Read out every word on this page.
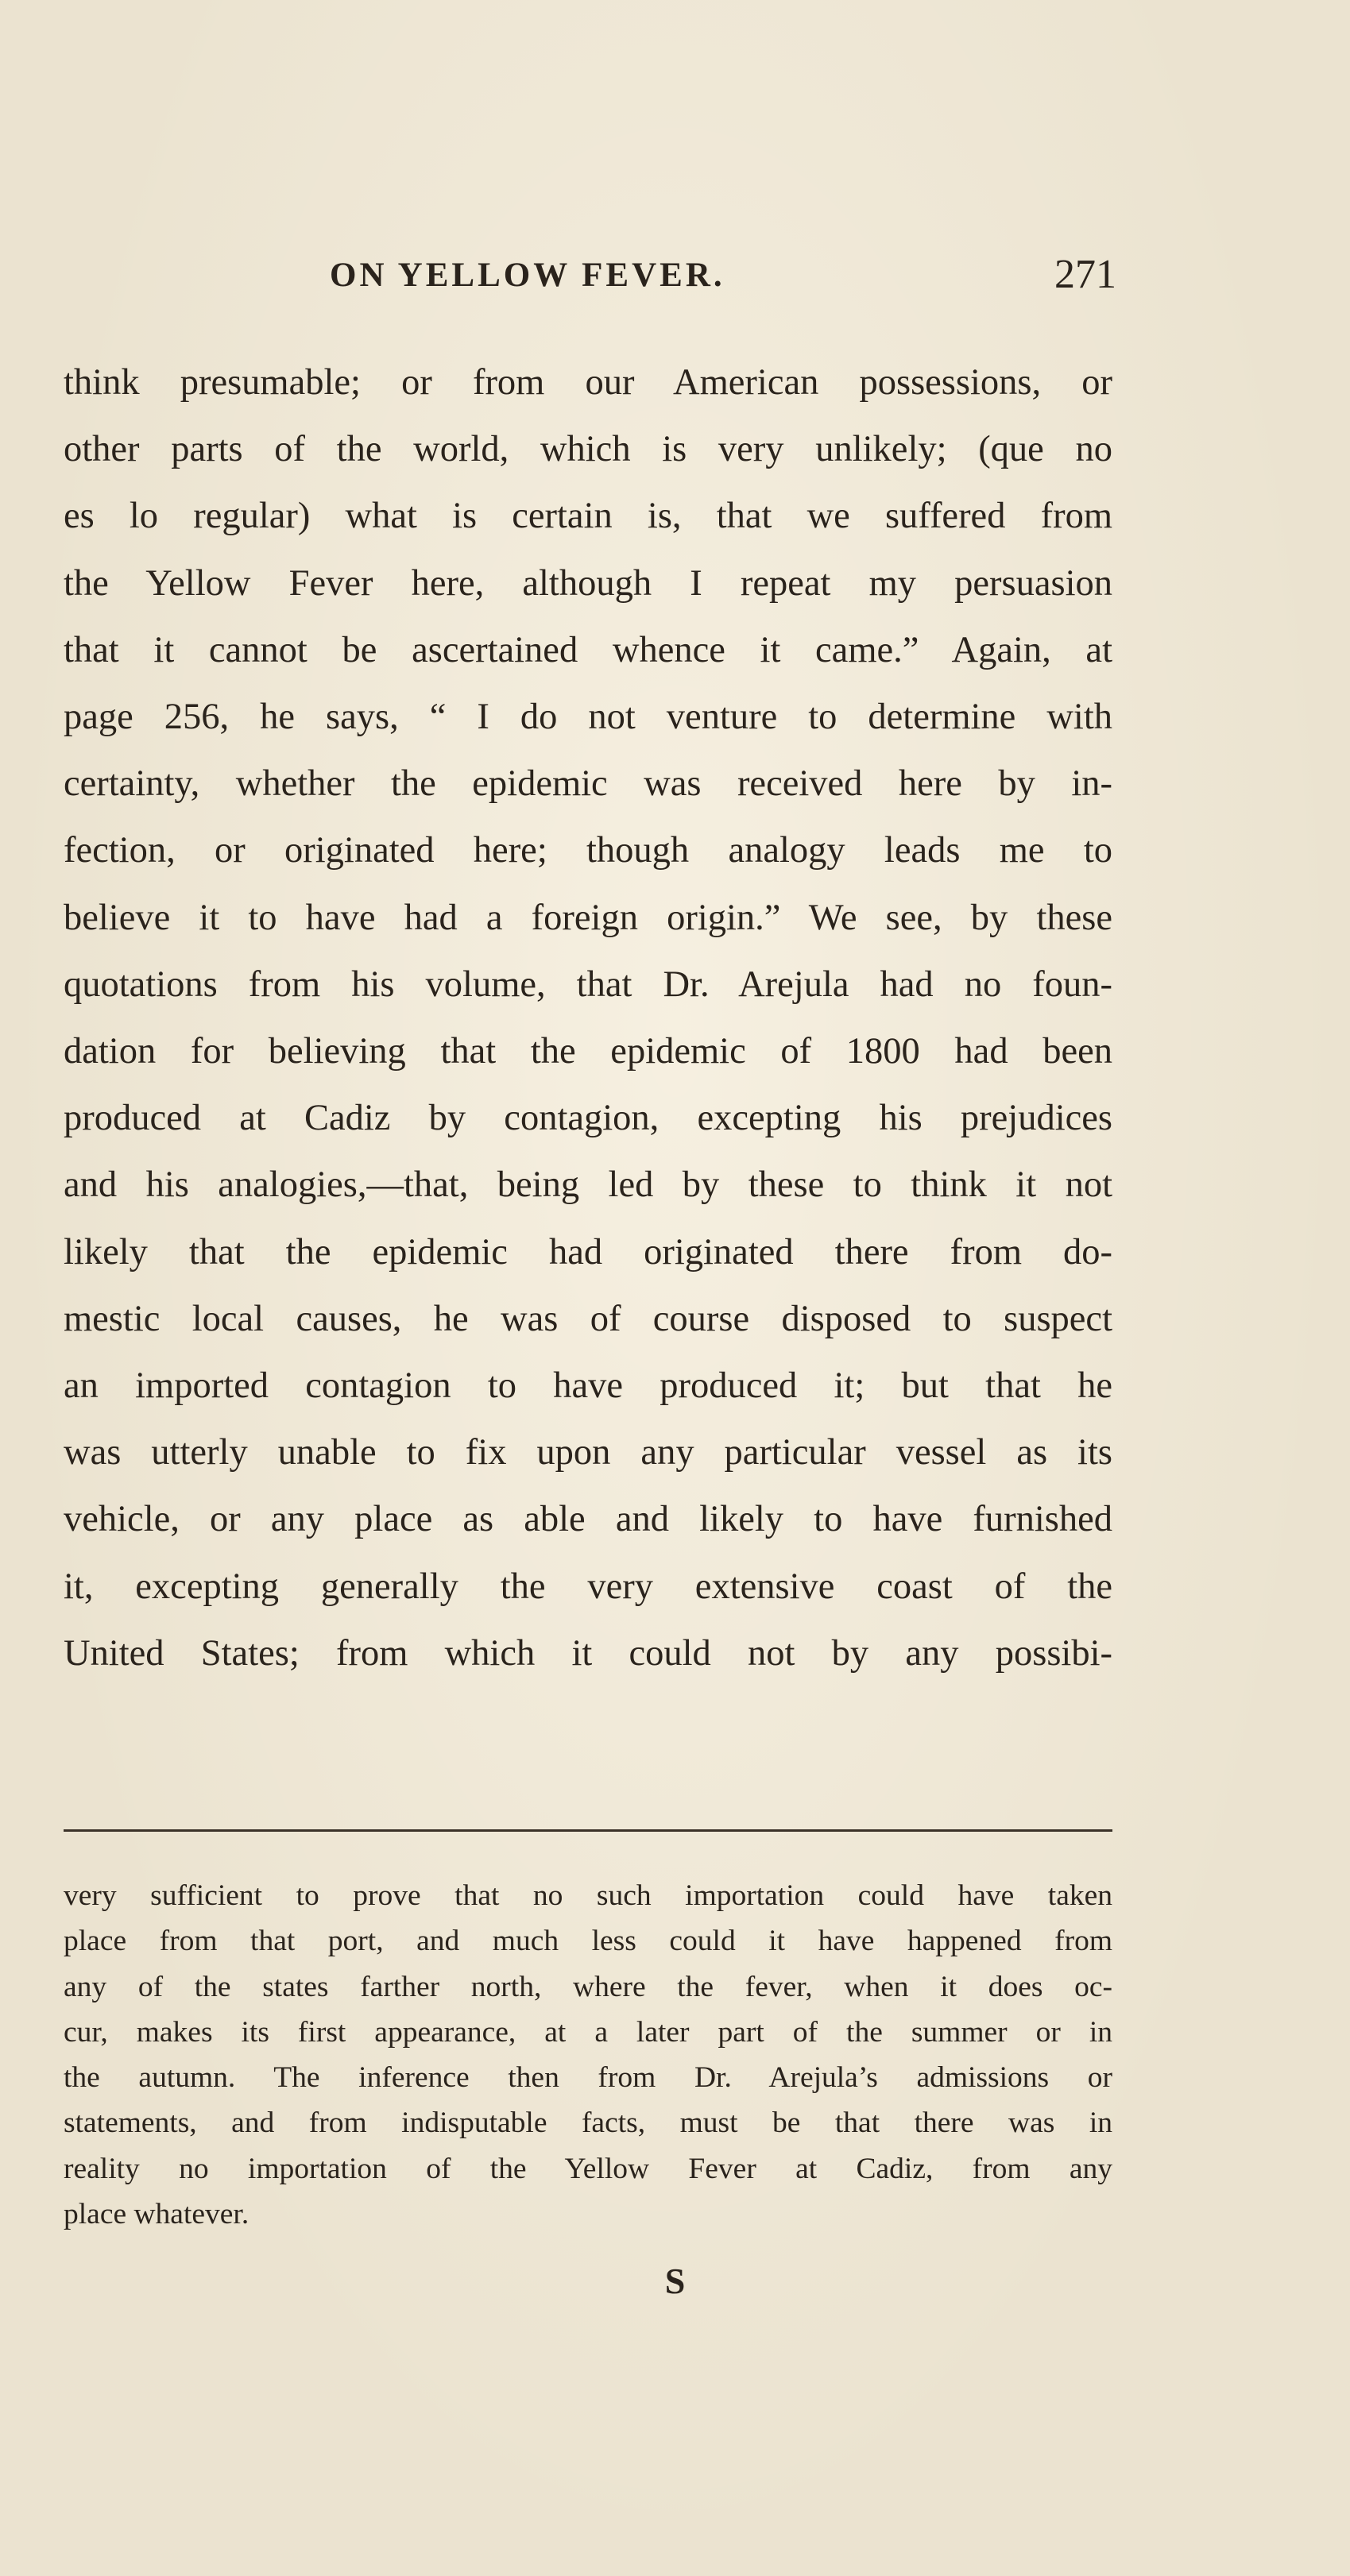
ON YELLOW FEVER.	271
think presumable; or from our American possessions, or
other parts of the world, which is very unlikely; (que no
es lo regular) what is certain is, that we suffered from
the Yellow Fever here, although I repeat my persuasion
that it cannot be ascertained whence it came.” Again, at
page 256, he says, “ I do not venture to determine with
certainty, whether the epidemic was received here by in-
fection, or originated here; though analogy leads me to
believe it to have had a foreign origin.” We see, by these
quotations from his volume, that Dr. Arejula had no foun-
dation for believing that the epidemic of 1800 had been
produced at Cadiz by contagion, excepting his prejudices
and his analogies,—that, being led by these to think it not
likely that the epidemic had originated there from do-
mestic local causes, he was of course disposed to suspect
an imported contagion to have produced it; but that he
was utterly unable to fix upon any particular vessel as its
vehicle, or any place as able and likely to have furnished
it, excepting generally the very extensive coast of the
United States; from which it could not by any possibi-
very sufficient to prove that no such importation could have taken
place from that port, and much less could it have happened from
any of the states farther north, where the fever, when it does oc-
cur, makes its first appearance, at a later part of the summer or in
the autumn. The inference then from Dr. Arejula’s admissions or
statements, and from indisputable facts, must be that there was in
reality no importation of the Yellow Fever at Cadiz, from any
place whatever.
S
